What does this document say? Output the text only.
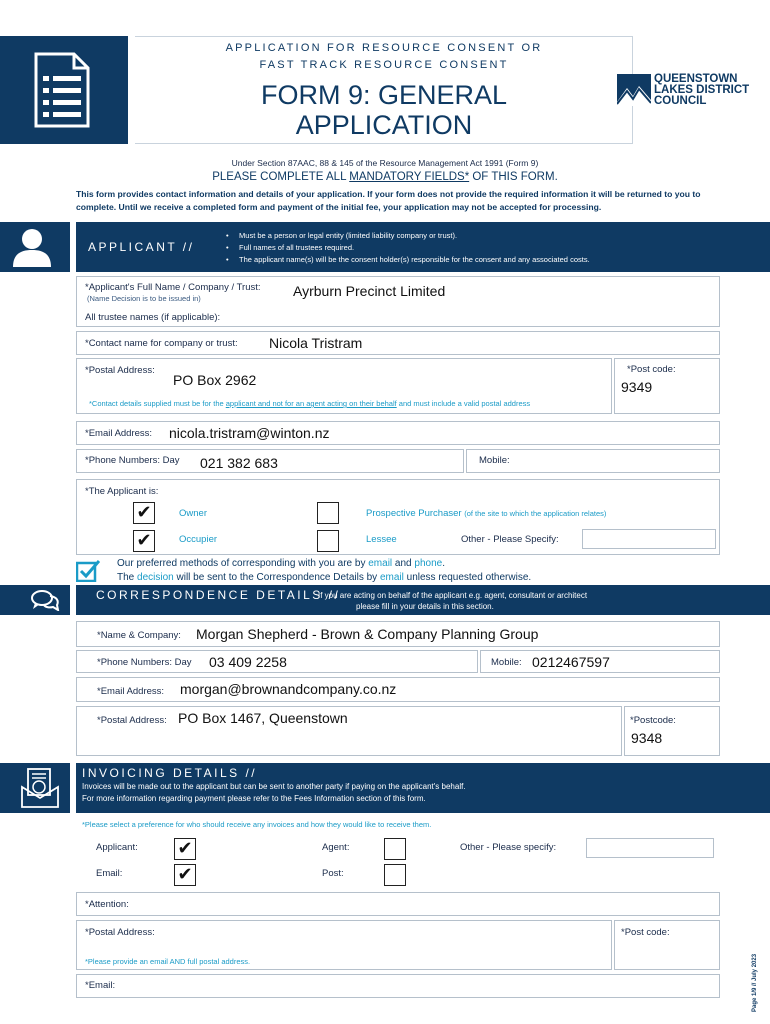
APPLICATION FOR RESOURCE CONSENT OR
FAST TRACK RESOURCE CONSENT
FORM 9: GENERAL
APPLICATION
QUEENSTOWN
LAKES DISTRICT
COUNCIL
Under Section 87AAC, 88 & 145 of the Resource Management Act 1991 (Form 9)
PLEASE COMPLETE ALL MANDATORY FIELDS* OF THIS FORM.
This form provides contact information and details of your application. If your form does not provide the required information it will be returned to you to
complete. Until we receive a completed form and payment of the initial fee, your application may not be accepted for processing.
APPLICANT //
•     Must be a person or legal entity (limited liability company or trust).
•     Full names of all trustees required.
•     The applicant name(s) will be the consent holder(s) responsible for the consent and any associated costs.
*Applicant's Full Name / Company / Trust:
(Name Decision is to be issued in)	Ayrburn Precinct Limited
All trustee names (if applicable):
*Contact name for company or trust: Nicola Tristram
*Postal Address:
PO Box 2962
*Contact details supplied must be for the applicant and not for an agent acting on their behalf and must include a valid postal address
*Post code:
9349
*Email Address: nicola.tristram@winton.nz
*Phone Numbers: Day 021 382 683	Mobile:
*The Applicant is:
✔	Owner
✔	Occupier
Prospective Purchaser (of the site to which the application relates)
Lessee	Other - Please Specify:
Our preferred methods of corresponding with you are by email and phone.
The decision will be sent to the Correspondence Details by email unless requested otherwise.
CORRESPONDENCE DETAILS //
If you are acting on behalf of the applicant e.g. agent, consultant or architect
please fill in your details in this section.
*Name & Company: Morgan Shepherd - Brown & Company Planning Group
*Phone Numbers: Day 03 409 2258	Mobile: 0212467597
*Email Address: morgan@brownandcompany.co.nz
*Postal Address: PO Box 1467, Queenstown	*Postcode:
9348
INVOICING DETAILS //
Invoices will be made out to the applicant but can be sent to another party if paying on the applicant's behalf.
For more information regarding payment please refer to the Fees Information section of this form.
*Please select a preference for who should receive any invoices and how they would like to receive them.
Applicant: ✔	Agent:	Other - Please specify:
Email:	✔	Post:
*Attention:
*Postal Address:
*Please provide an email AND full postal address.
*Post code:
*Email:	Page 1/9 // July 2023
